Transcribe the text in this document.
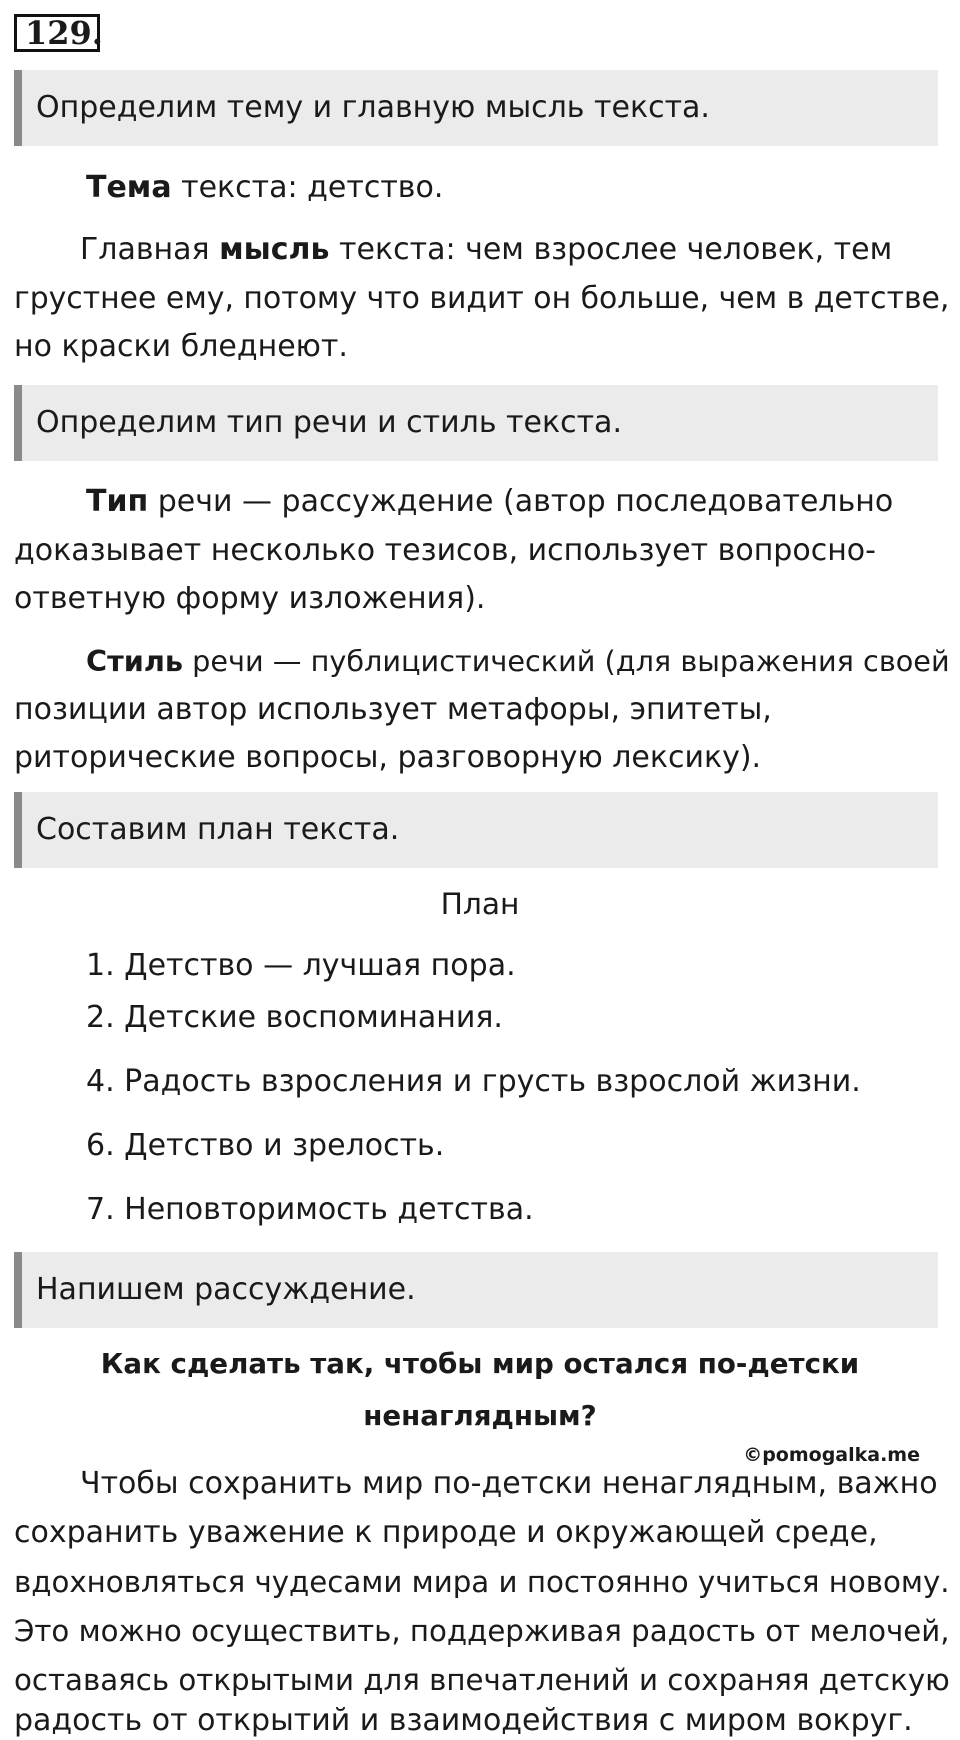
129.
Определим тему и главную мысль текста.
Тема текста: детство.
Главная мысль текста: чем взрослее человек, тем
грустнее ему, потому что видит он больше, чем в детстве,
но краски бледнеют.
Определим тип речи и стиль текста.
Тип речи — рассуждение (автор последовательно
доказывает несколько тезисов, использует вопросно-
ответную форму изложения).
Стиль речи — публицистический (для выражения своей
позиции автор использует метафоры, эпитеты,
риторические вопросы, разговорную лексику).
Составим план текста.
План
1. Детство — лучшая пора.
2. Детские воспоминания.
4. Радость взросления и грусть взрослой жизни.
6. Детство и зрелость.
7. Неповторимость детства.
Напишем рассуждение.
Как сделать так, чтобы мир остался по-детски
ненаглядным?
©pomogalka.me
Чтобы сохранить мир по-детски ненаглядным, важно
сохранить уважение к природе и окружающей среде,
вдохновляться чудесами мира и постоянно учиться новому.
Это можно осуществить, поддерживая радость от мелочей,
оставаясь открытыми для впечатлений и сохраняя детскую
радость от открытий и взаимодействия с миром вокруг.
